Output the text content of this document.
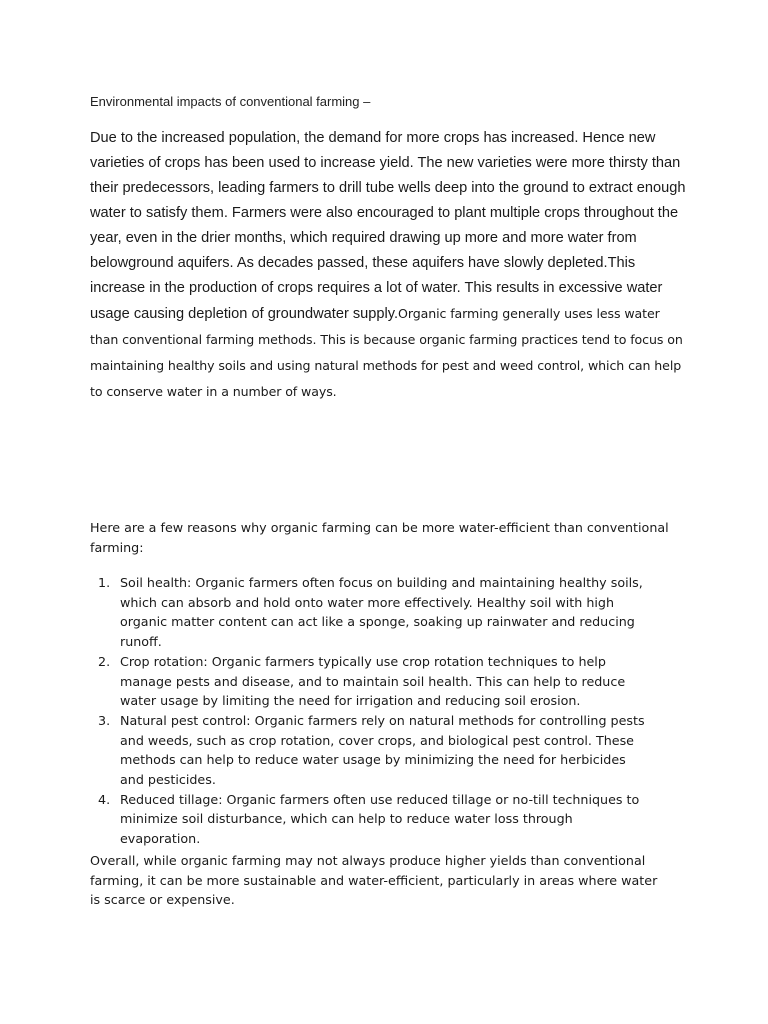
Environmental impacts of conventional farming –

Due to the increased population, the demand for more crops has increased. Hence new varieties of crops has been used to increase yield. The new varieties were more thirsty than their predecessors, leading farmers to drill tube wells deep into the ground to extract enough water to satisfy them. Farmers were also encouraged to plant multiple crops throughout the year, even in the drier months, which required drawing up more and more water from belowground aquifers. As decades passed, these aquifers have slowly depleted.This increase in the production of crops requires a lot of water. This results in excessive water usage causing depletion of groundwater supply.Organic farming generally uses less water than conventional farming methods. This is because organic farming practices tend to focus on maintaining healthy soils and using natural methods for pest and weed control, which can help to conserve water in a number of ways.

Here are a few reasons why organic farming can be more water-efficient than conventional farming:

1. Soil health: Organic farmers often focus on building and maintaining healthy soils, which can absorb and hold onto water more effectively. Healthy soil with high organic matter content can act like a sponge, soaking up rainwater and reducing runoff.
2. Crop rotation: Organic farmers typically use crop rotation techniques to help manage pests and disease, and to maintain soil health. This can help to reduce water usage by limiting the need for irrigation and reducing soil erosion.
3. Natural pest control: Organic farmers rely on natural methods for controlling pests and weeds, such as crop rotation, cover crops, and biological pest control. These methods can help to reduce water usage by minimizing the need for herbicides and pesticides.
4. Reduced tillage: Organic farmers often use reduced tillage or no-till techniques to minimize soil disturbance, which can help to reduce water loss through evaporation.

Overall, while organic farming may not always produce higher yields than conventional farming, it can be more sustainable and water-efficient, particularly in areas where water is scarce or expensive.
